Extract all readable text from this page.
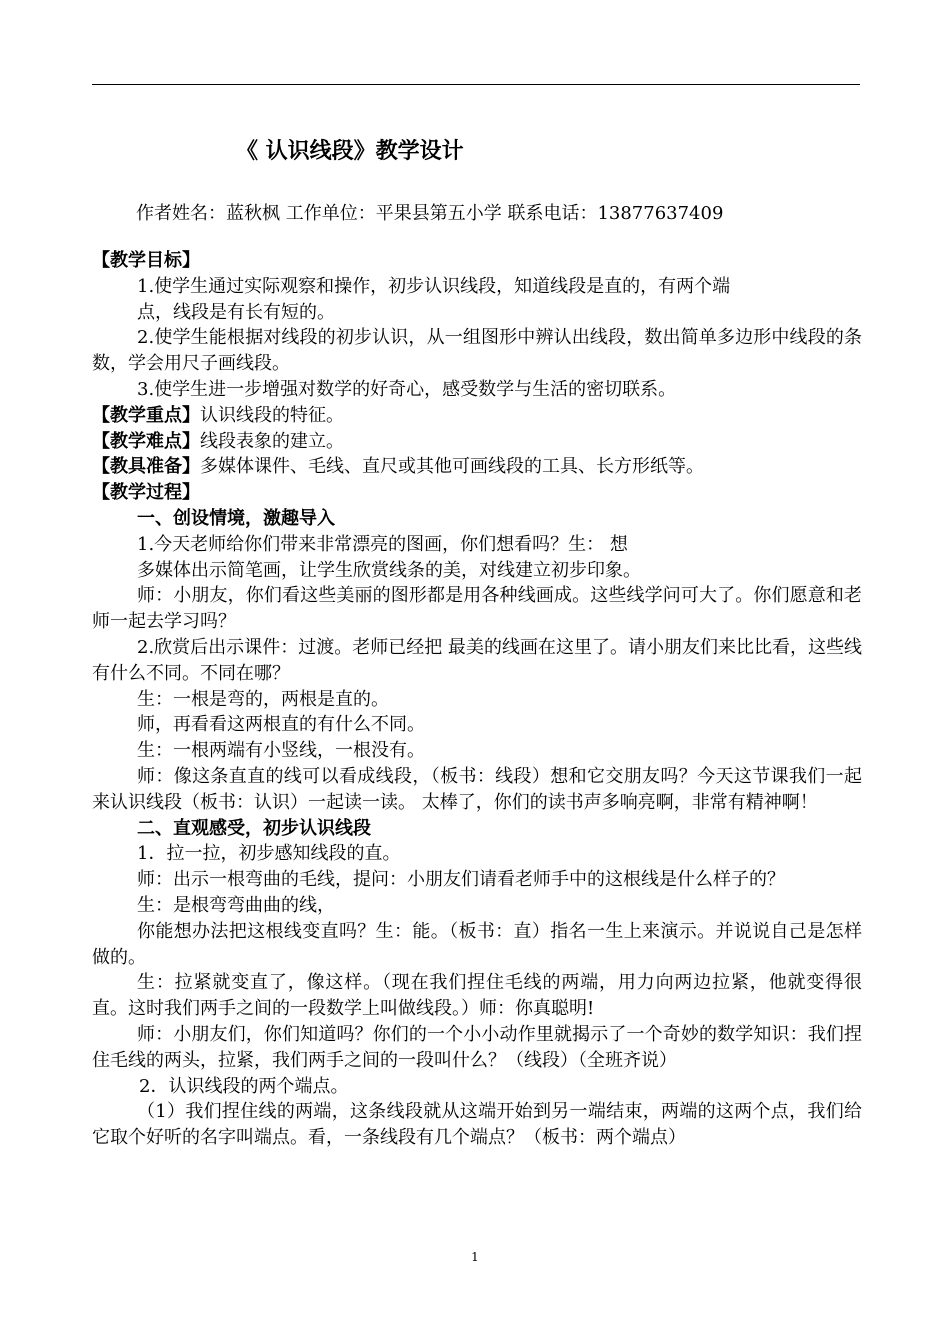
《 认识线段》教学设计
作者姓名：蓝秋枫 工作单位：平果县第五小学 联系电话：13877637409

【教学目标】

1.使学生通过实际观察和操作，初步认识线段，知道线段是直的，有两个端

点，线段是有长有短的。

2.使学生能根据对线段的初步认识，从一组图形中辨认出线段，数出简单多边形中线段的条数，学会用尺子画线段。

3.使学生进一步增强对数学的好奇心，感受数学与生活的密切联系。

【教学重点】认识线段的特征。

【教学难点】线段表象的建立。

【教具准备】多媒体课件、毛线、直尺或其他可画线段的工具、长方形纸等。

【教学过程】

一、创设情境，激趣导入

1.今天老师给你们带来非常漂亮的图画，你们想看吗？生： 想

多媒体出示简笔画，让学生欣赏线条的美，对线建立初步印象。

师：小朋友，你们看这些美丽的图形都是用各种线画成。这些线学问可大了。你们愿意和老师一起去学习吗？

2.欣赏后出示课件：过渡。老师已经把 最美的线画在这里了。请小朋友们来比比看，这些线有什么不同。不同在哪？

生：一根是弯的，两根是直的。

师，再看看这两根直的有什么不同。

生：一根两端有小竖线，一根没有。

师：像这条直直的线可以看成线段，（板书：线段）想和它交朋友吗？今天这节课我们一起来认识线段（板书：认识）一起读一读。 太棒了，你们的读书声多响亮啊，非常有精神啊！

二、直观感受，初步认识线段

1．拉一拉，初步感知线段的直。

师：出示一根弯曲的毛线，提问：小朋友们请看老师手中的这根线是什么样子的？

生：是根弯弯曲曲的线，

你能想办法把这根线变直吗？生：能。（板书：直）指名一生上来演示。并说说自己是怎样做的。

生：拉紧就变直了，像这样。（现在我们捏住毛线的两端，用力向两边拉紧，他就变得很直。这时我们两手之间的一段数学上叫做线段。）师：你真聪明!

师：小朋友们，你们知道吗？你们的一个小小动作里就揭示了一个奇妙的数学知识：我们捏住毛线的两头，拉紧，我们两手之间的一段叫什么？（线段）（全班齐说）

2．认识线段的两个端点。

（1）我们捏住线的两端，这条线段就从这端开始到另一端结束，两端的这两个点，我们给它取个好听的名字叫端点。看，一条线段有几个端点？（板书：两个端点）

1
